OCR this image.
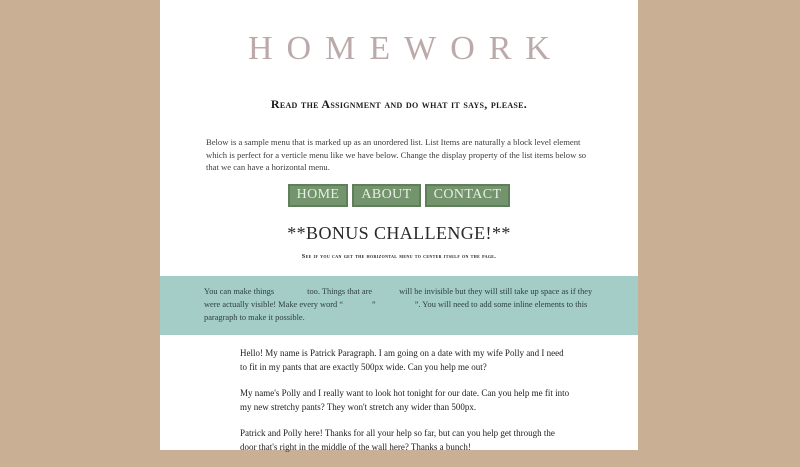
HOMEWORK
Read the Assignment and do what it says, please.

Below is a sample menu that is marked up as an unordered list. List Items are naturally a block level element which is perfect for a verticle menu like we have below. Change the display property of the list items below so that we can have a horizontal menu.

HOME ABOUT CONTACT
**BONUS CHALLENGE!**
See if you can get the horizontal menu to center itself on the page.

You can make things	too. Things that are	will be invisible but they will still take up space as if they were actually visible! Make every word “	”	”. You will need to add some inline elements to this paragraph to make it possible.

Hello! My name is Patrick Paragraph. I am going on a date with my wife Polly and I need to fit in my pants that are exactly 500px wide. Can you help me out?

My name's Polly and I really want to look hot tonight for our date. Can you help me fit into my new stretchy pants? They won't stretch any wider than 500px.

Patrick and Polly here! Thanks for all your help so far, but can you help get through the door that's right in the middle of the wall here? Thanks a bunch!
